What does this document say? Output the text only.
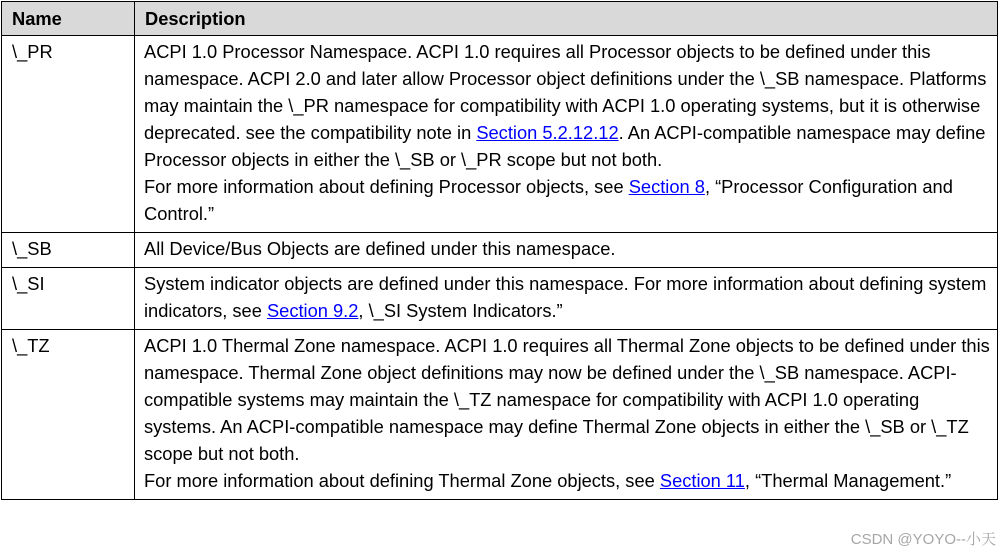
Name	Description
\_PR	ACPI 1.0 Processor Namespace. ACPI 1.0 requires all Processor objects to be defined under this namespace. ACPI 2.0 and later allow Processor object definitions under the \_SB namespace. Platforms may maintain the \_PR namespace for compatibility with ACPI 1.0 operating systems, but it is otherwise deprecated. see the compatibility note in Section 5.2.12.12. An ACPI-compatible namespace may define Processor objects in either the \_SB or \_PR scope but not both.
For more information about defining Processor objects, see Section 8, “Processor Configuration and Control.”

\_SB	All Device/Bus Objects are defined under this namespace.

\_SI	System indicator objects are defined under this namespace. For more information about defining system indicators, see Section 9.2, \_SI System Indicators.”

\_TZ	ACPI 1.0 Thermal Zone namespace. ACPI 1.0 requires all Thermal Zone objects to be defined under this namespace. Thermal Zone object definitions may now be defined under the \_SB namespace. ACPI-compatible systems may maintain the \_TZ namespace for compatibility with ACPI 1.0 operating systems. An ACPI-compatible namespace may define Thermal Zone objects in either the \_SB or \_TZ scope but not both.
For more information about defining Thermal Zone objects, see Section 11, “Thermal Management.”
CSDN @YOYO--小天
